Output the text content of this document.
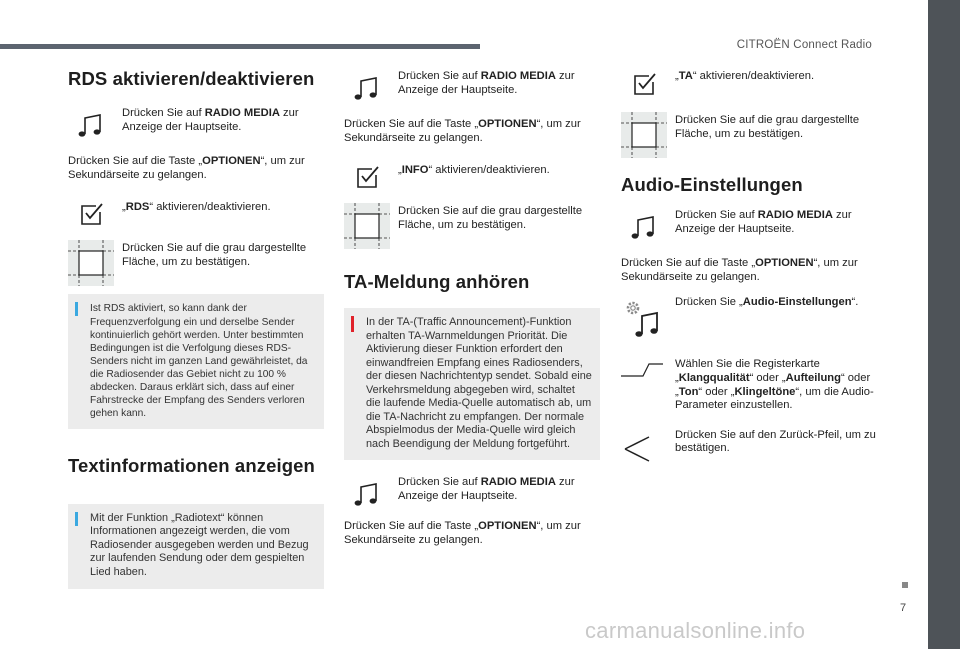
CITROËN Connect Radio
7
carmanualsonline.info
RDS aktivieren/deaktivieren
Drücken Sie auf RADIO MEDIA zur Anzeige der Hauptseite.
Drücken Sie auf die Taste „OPTIONEN“, um zur Sekundärseite zu gelangen.
„RDS“ aktivieren/deaktivieren.
Drücken Sie auf die grau dargestellte Fläche, um zu bestätigen.
Ist RDS aktiviert, so kann dank der Frequenzverfolgung ein und derselbe Sender kontinuierlich gehört werden. Unter bestimmten Bedingungen ist die Verfolgung dieses RDS-Senders nicht im ganzen Land gewährleistet, da die Radiosender das Gebiet nicht zu 100 % abdecken. Daraus erklärt sich, dass auf einer Fahrstrecke der Empfang des Senders verloren gehen kann.
Textinformationen anzeigen
Mit der Funktion „Radiotext“ können Informationen angezeigt werden, die vom Radiosender ausgegeben werden und Bezug zur laufenden Sendung oder dem gespielten Lied haben.
Drücken Sie auf RADIO MEDIA zur Anzeige der Hauptseite.
Drücken Sie auf die Taste „OPTIONEN“, um zur Sekundärseite zu gelangen.
„INFO“ aktivieren/deaktivieren.
Drücken Sie auf die grau dargestellte Fläche, um zu bestätigen.
TA-Meldung anhören
In der TA-(Traffic Announcement)-Funktion erhalten TA-Warnmeldungen Priorität. Die Aktivierung dieser Funktion erfordert den einwandfreien Empfang eines Radiosenders, der diesen Nachrichtentyp sendet. Sobald eine Verkehrsmeldung abgegeben wird, schaltet die laufende Media-Quelle automatisch ab, um die TA-Nachricht zu empfangen. Der normale Abspielmodus der Media-Quelle wird gleich nach Beendigung der Meldung fortgeführt.
Drücken Sie auf RADIO MEDIA zur Anzeige der Hauptseite.
Drücken Sie auf die Taste „OPTIONEN“, um zur Sekundärseite zu gelangen.
„TA“ aktivieren/deaktivieren.
Drücken Sie auf die grau dargestellte Fläche, um zu bestätigen.
Audio-Einstellungen
Drücken Sie auf RADIO MEDIA zur Anzeige der Hauptseite.
Drücken Sie auf die Taste „OPTIONEN“, um zur Sekundärseite zu gelangen.
Drücken Sie „Audio-Einstellungen“.
Wählen Sie die Registerkarte „Klangqualität“ oder „Aufteilung“ oder „Ton“ oder „Klingeltöne“, um die Audio-Parameter einzustellen.
Drücken Sie auf den Zurück-Pfeil, um zu bestätigen.
